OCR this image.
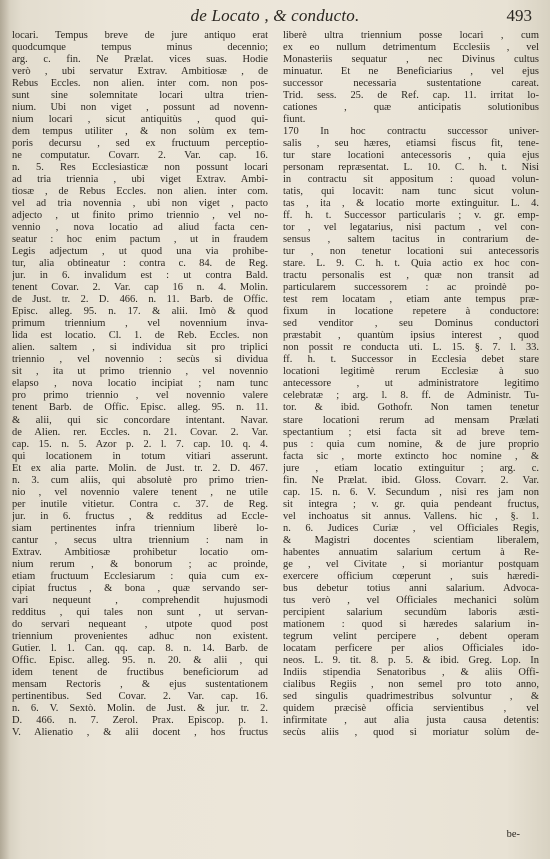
de Locato , & conducto.	493
locari. Tempus breve de jure antiquo erat
quodcumque tempus minus decennio;
arg. c. fin. Ne Prælat. vices suas. Hodie
verò , ubi servatur Extrav. Ambitiosæ , de
Rebus Eccles. non alien. inter com. non pos-
sunt sine solemnitate locari ultra trien-
nium. Ubi non viget , possunt ad novenn-
nium locari , sicut antiquitùs , quod qui-
dem tempus utiliter , & non solùm ex tem-
poris decursu , sed ex fructuum perceptio-
ne computatur. Covarr. 2. Var. cap. 16.
n. 5. Res Ecclesiasticæ non possunt locari
ad tria triennia , ubi viget Extrav. Ambi-
tiosæ , de Rebus Eccles. non alien. inter com.
vel ad tria novennia , ubi non viget , pacto
adjecto , ut finito primo triennio , vel no-
vennio , nova locatio ad aliud facta cen-
seatur : hoc enim pactum , ut in fraudem
Legis adjectum , ut quod una via prohibe-
tur, alia obtineatur : contra c. 84. de Reg.
jur. in 6. invalidum est : ut contra Bald.
tenent Covar. 2. Var. cap 16 n. 4. Molin.
de Just. tr. 2. D. 466. n. 11. Barb. de Offic.
Episc. alleg. 95. n. 17. & alii. Imò & quod
primum triennium , vel novennium inva-
lida est locatio. Cl. 1. de Reb. Eccles. non
alien. saltem , si individua sit pro triplici
triennio , vel novennio : secùs si dividua
sit , ita ut primo triennio , vel novennio
elapso , nova locatio incipiat ; nam tunc
pro primo triennio , vel novennio valere
tenent Barb. de Offic. Episc. alleg. 95. n. 11.
& alii, qui sic concordare intentant. Navar.
de Alien. rer. Eccles. n. 21. Covar. 2. Var.
cap. 15. n. 5. Azor p. 2. l. 7. cap. 10. q. 4.
qui locationem in totum vitiari asserunt.
Et ex alia parte. Molin. de Just. tr. 2. D. 467.
n. 3. cum aliis, qui absolutè pro primo trien-
nio , vel novennio valere tenent , ne utile
per inutile vitietur. Contra c. 37. de Reg.
jur. in 6. fructus , & redditus ad Eccle-
siam pertinentes infra triennium liberè lo-
cantur , secus ultra triennium : nam in
Extrav. Ambitiosæ prohibetur locatio om-
nium rerum , & bonorum ; ac proinde,
etiam fructuum Ecclesiarum : quia cum ex-
cipiat fructus , & bona , quæ servando ser-
vari nequeunt , comprehendit hujusmodi
redditus , qui tales non sunt , ut servan-
do servari nequeant , utpote quod post
triennium provenientes adhuc non existent.
Gutier. l. 1. Can. qq. cap. 8. n. 14. Barb. de
Offic. Episc. alleg. 95. n. 20. & alii , qui
idem tenent de fructibus beneficiorum ad
mensam Rectoris , & ejus sustentationem
pertinentibus. Sed Covar. 2. Var. cap. 16.
n. 6. V. Sextò. Molin. de Just. & jur. tr. 2.
D. 466. n. 7. Zerol. Prax. Episcop. p. 1.
V. Alienatio , & alii docent , hos fructus
liberè ultra triennium posse locari , cum
ex eo nullum detrimentum Ecclesiis , vel
Monasteriis sequatur , nec Divinus cultus
minuatur. Et ne Beneficiarius , vel ejus
successor necessaria sustentatione careat.
Trid. sess. 25. de Ref. cap. 11. irritat lo-
cationes , quæ anticipatis solutionibus
fiunt.
170 In hoc contractu successor univer-
salis , seu hæres, etiamsi fiscus fit, tene-
tur stare locationi antecessoris , quia ejus
personam repræsentat. L. 10. C. h. t. Nisi
in contractu sit appositum : quoad volun-
tatis, qui locavit: nam tunc sicut volun-
tas , ita , & locatio morte extinguitur. L. 4.
ff. h. t. Successor particularis ; v. gr. emp-
tor , vel legatarius, nisi pactum , vel con-
sensus , saltem tacitus in contrarium de-
tur , non tenetur locationi sui antecessoris
stare. L. 9. C. h. t. Quia actio ex hoc con-
tractu personalis est , quæ non transit ad
particularem successorem : ac proindè po-
test rem locatam , etiam ante tempus præ-
fixum in locatione repetere à conductore:
sed venditor , seu Dominus conductori
præstabit , quantùm ipsius interest , quod
non possit re conducta uti. L. 15. §. 7. l. 33.
ff. h. t. Successor in Ecclesia debet stare
locationi legitimè rerum Ecclesiæ à suo
antecessore , ut administratore legitimo
celebratæ ; arg. l. 8. ff. de Administr. Tu-
tor. & ibid. Gothofr. Non tamen tenetur
stare locationi rerum ad mensam Prælati
spectantium ; etsi facta sit ad breve tem-
pus : quia cum nomine, & de jure proprio
facta sic , morte extincto hoc nomine , &
jure , etiam locatio extinguitur ; arg. c.
fin. Ne Prælat. ibid. Gloss. Covarr. 2. Var.
cap. 15. n. 6. V. Secundum , nisi res jam non
sit integra ; v. gr. quia pendeant fructus,
vel inchoatus sit annus. Vallens. hic , §. 1.
n. 6. Judices Curiæ , vel Officiales Regis,
& Magistri docentes scientiam liberalem,
habentes annuatim salarium certum à Re-
ge , vel Civitate , si moriantur postquam
exercere officium cœperunt , suis hæredi-
bus debetur totius anni salarium. Advoca-
tus verò , vel Officiales mechanici solùm
percipient salarium secundùm laboris æsti-
mationem : quod si hæredes salarium in-
tegrum velint percipere , debent operam
locatam perficere per alios Officiales ido-
neos. L. 9. tit. 8. p. 5. & ibid. Greg. Lop. In
Indiis stipendia Senatoribus , & aliis Offi-
cialibus Regiis , non semel pro toto anno,
sed singulis quadrimestribus solvuntur , &
quidem præcisè officia servientibus , vel
infirmitate , aut alia justa causa detentis:
secùs aliis , quod si moriatur solùm de-
be-
